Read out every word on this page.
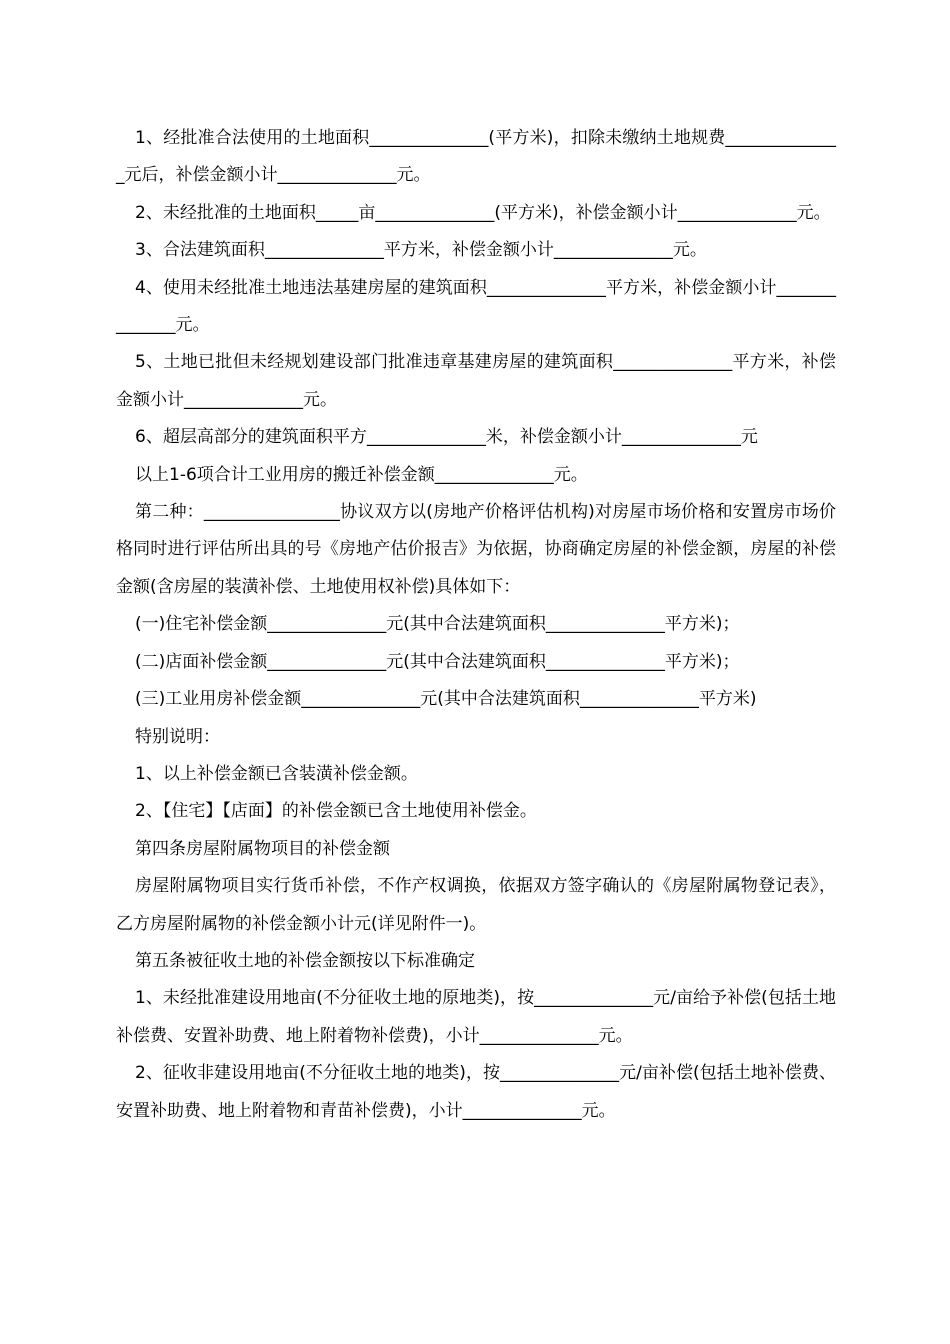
1、经批准合法使用的土地面积______________(平方米)，扣除未缴纳土地规费______________元后，补偿金额小计______________元。

2、未经批准的土地面积_____亩______________(平方米)，补偿金额小计______________元。

3、合法建筑面积______________平方米，补偿金额小计______________元。

4、使用未经批准土地违法基建房屋的建筑面积______________平方米，补偿金额小计______________元。

5、土地已批但未经规划建设部门批准违章基建房屋的建筑面积______________平方米，补偿金额小计______________元。

6、超层高部分的建筑面积平方______________米，补偿金额小计______________元

以上1-6项合计工业用房的搬迁补偿金额______________元。

第二种：________________协议双方以(房地产价格评估机构)对房屋市场价格和安置房市场价格同时进行评估所出具的号《房地产估价报吉》为依据，协商确定房屋的补偿金额，房屋的补偿金额(含房屋的装潢补偿、土地使用权补偿)具体如下：

(一)住宅补偿金额______________元(其中合法建筑面积______________平方米)；

(二)店面补偿金额______________元(其中合法建筑面积______________平方米)；

(三)工业用房补偿金额______________元(其中合法建筑面积______________平方米)

特别说明：

1、以上补偿金额已含装潢补偿金额。

2、【住宅】【店面】的补偿金额已含土地使用补偿金。

第四条房屋附属物项目的补偿金额

房屋附属物项目实行货币补偿，不作产权调换，依据双方签字确认的《房屋附属物登记表》，乙方房屋附属物的补偿金额小计元(详见附件一)。

第五条被征收土地的补偿金额按以下标准确定

1、未经批准建设用地亩(不分征收土地的原地类)，按______________元/亩给予补偿(包括土地补偿费、安置补助费、地上附着物补偿费)，小计______________元。

2、征收非建设用地亩(不分征收土地的地类)，按______________元/亩补偿(包括土地补偿费、安置补助费、地上附着物和青苗补偿费)，小计______________元。
